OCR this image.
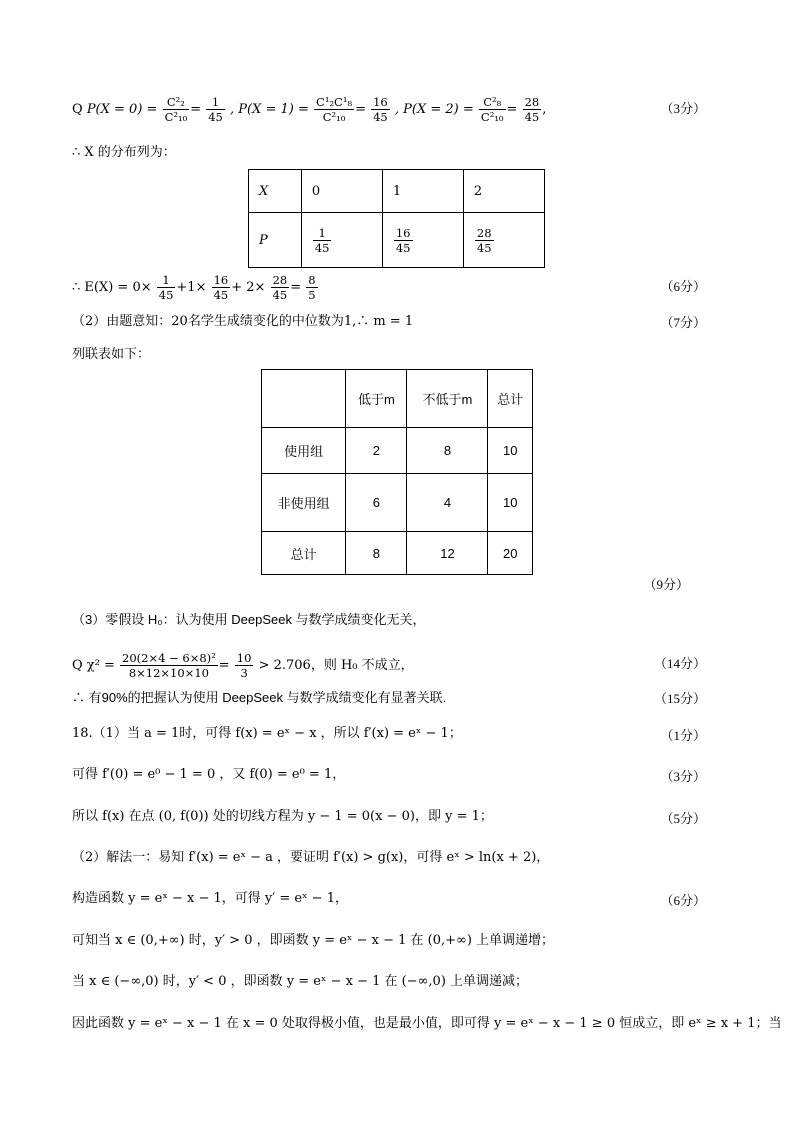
Q $P(X = 0) = \frac{\text{C²₂}}{\text{C²₁₀}} = \frac{1}{45}$ , $P(X = 1) = \frac{\text{C¹₂C¹₈}}{\text{C²₁₀}} = \frac{16}{45}$ , $P(X = 2) = \frac{\text{C²₈}}{\text{C²₁₀}} = \frac{28}{45}$ ,	（3分）
∴ X 的分布列为：
X	0	1	2
P	$\frac{1}{45}$	$\frac{16}{45}$	$\frac{28}{45}$
∴ $E(X) = 0\times \frac{1}{45} +1\times \frac{16}{45} + 2\times \frac{28}{45} = \frac{8}{5}$	（6分）
（2）由题意知：20名学生成绩变化的中位数为1,∴ m = 1	（7分）
列联表如下：
	低于m	不低于m	总计
使用组	2	8	10
非使用组	6	4	10
总计	8	12	20
（9分）
（3）零假设 H₀：认为使用 DeepSeek 与数学成绩变化无关，
Q $\chi^2 = \frac{\text{20(2×4 − 6×8)²}}{8\times 12\times 10\times 10} = \frac{10}{3} > 2.706$，则 H₀ 不成立，	（14分）
∴ 有90%的把握认为使用 DeepSeek 与数学成绩变化有显著关联.	（15分）
18.（1）当 a = 1时，可得 f(x) = eˣ − x ，所以 f′(x) = eˣ − 1；	（1分）
可得 f′(0) = e⁰ − 1 = 0 ，又 f(0) = e⁰ = 1，	（3分）
所以 f(x) 在点 (0, f(0)) 处的切线方程为 y − 1 = 0(x − 0)，即 y = 1；	（5分）
（2）解法一：易知 f′(x) = eˣ − a ，要证明 f′(x) > g(x)，可得 eˣ > ln(x + 2)，
构造函数 y = eˣ − x − 1，可得 y′ = eˣ − 1，	（6分）
可知当 x ∈ (0,+∞) 时，y′ > 0 ，即函数 y = eˣ − x − 1 在 (0,+∞) 上单调递增；
当 x ∈ (−∞,0) 时，y′ < 0 ，即函数 y = eˣ − x − 1 在 (−∞,0) 上单调递减；
因此函数 y = eˣ − x − 1 在 x = 0 处取得极小值，也是最小值，即可得 y = eˣ − x − 1 ≥ 0 恒成立，即 eˣ ≥ x + 1；当
